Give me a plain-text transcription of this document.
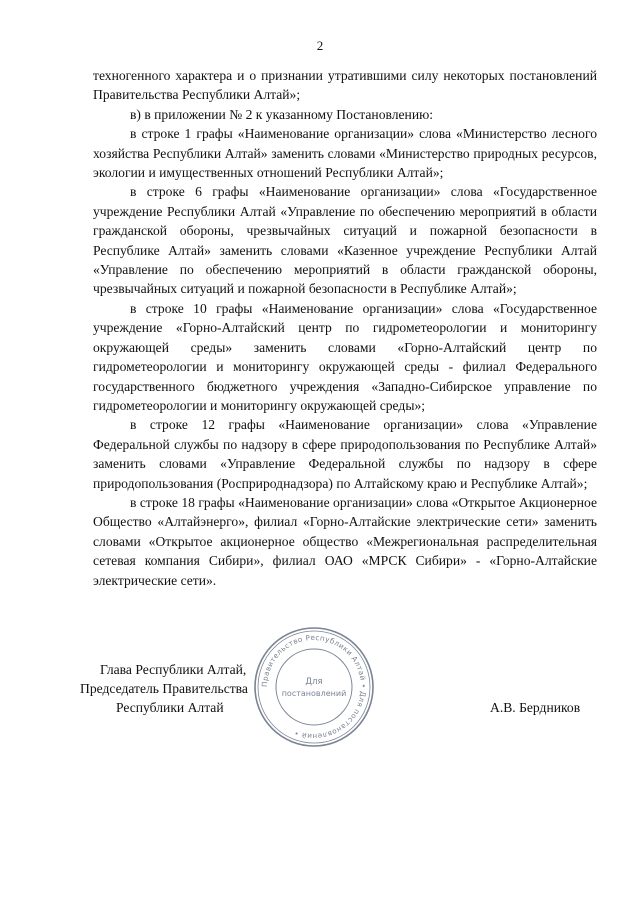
2

техногенного характера и о признании утратившими силу некоторых постановлений Правительства Республики Алтай»;

в) в приложении № 2 к указанному Постановлению:

в строке 1 графы «Наименование организации» слова «Министерство лесного хозяйства Республики Алтай» заменить словами «Министерство природных ресурсов, экологии и имущественных отношений Республики Алтай»;

в строке 6 графы «Наименование организации» слова «Государственное учреждение Республики Алтай «Управление по обеспечению мероприятий в области гражданской обороны, чрезвычайных ситуаций и пожарной безопасности в Республике Алтай» заменить словами «Казенное учреждение Республики Алтай «Управление по обеспечению мероприятий в области гражданской обороны, чрезвычайных ситуаций и пожарной безопасности в Республике Алтай»;

в строке 10 графы «Наименование организации» слова «Государственное учреждение «Горно-Алтайский центр по гидрометеорологии и мониторингу окружающей среды» заменить словами «Горно-Алтайский центр по гидрометеорологии и мониторингу окружающей среды - филиал Федерального государственного бюджетного учреждения «Западно-Сибирское управление по гидрометеорологии и мониторингу окружающей среды»;

в строке 12 графы «Наименование организации» слова «Управление Федеральной службы по надзору в сфере природопользования по Республике Алтай» заменить словами «Управление Федеральной службы по надзору в сфере природопользования (Росприроднадзора) по Алтайскому краю и Республике Алтай»;

в строке 18 графы «Наименование организации» слова «Открытое Акционерное Общество «Алтайэнерго», филиал «Горно-Алтайские электрические сети» заменить словами «Открытое акционерное общество «Межрегиональная распределительная сетевая компания Сибири», филиал ОАО «МРСК Сибири» - «Горно-Алтайские электрические сети».

Глава Республики Алтай,
Председатель Правительства
Республики Алтай	А.В. Бердников
Правительство Республики Алтай • Для постановлений •
Для
постановлений
